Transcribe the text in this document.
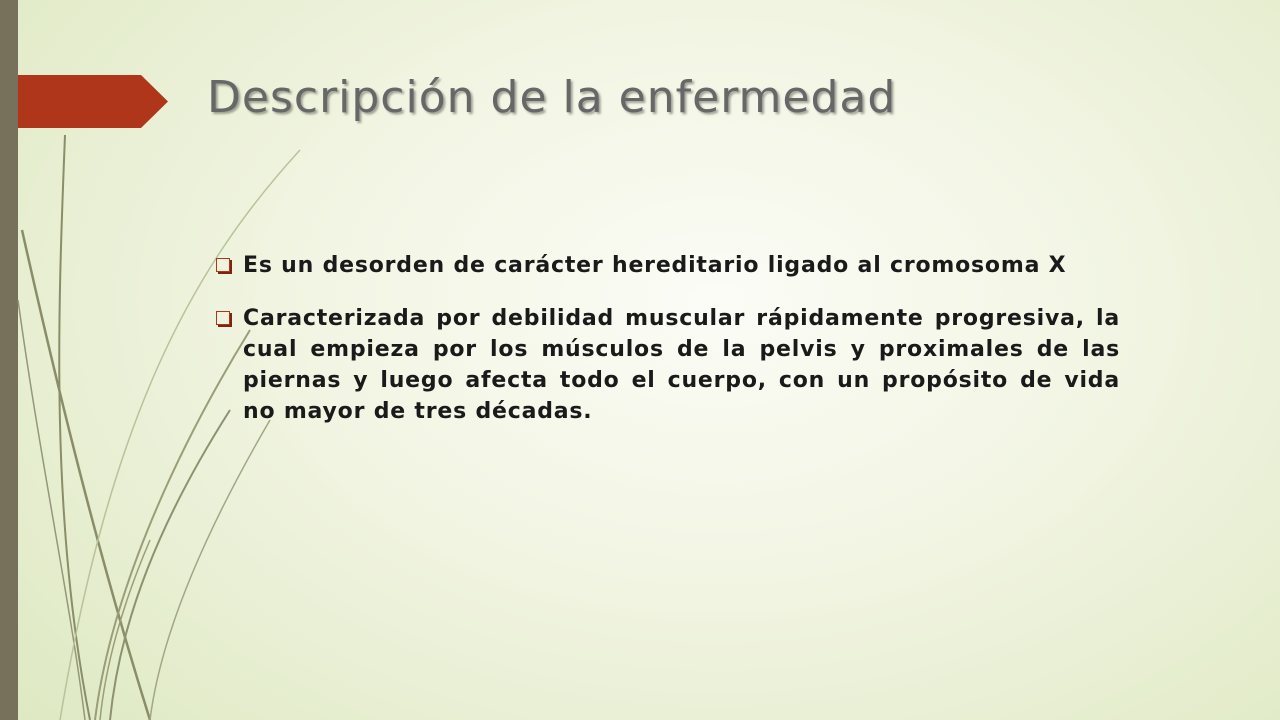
Descripción de la enfermedad
Es un desorden de carácter hereditario ligado al cromosoma X
Caracterizada por debilidad muscular rápidamente progresiva, la cual empieza por los músculos de la pelvis y proximales de las piernas y luego afecta todo el cuerpo, con un propósito de vida no mayor de tres décadas.
